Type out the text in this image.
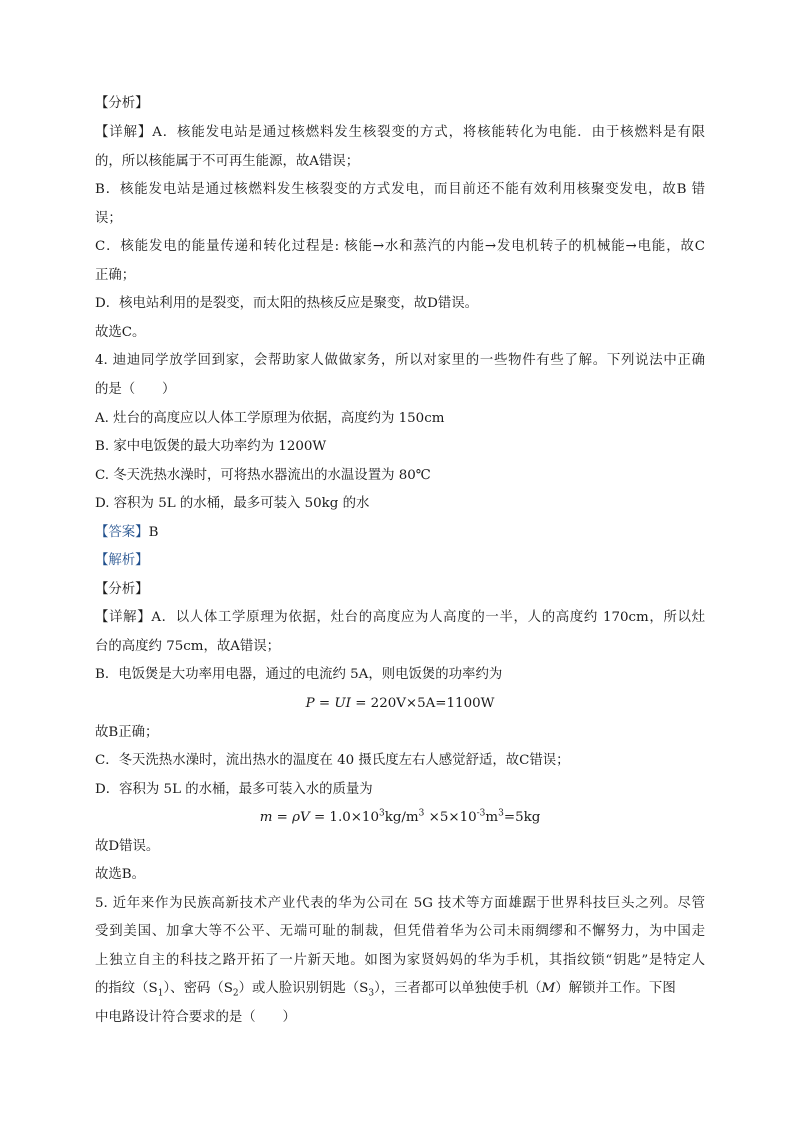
【分析】
【详解】A．核能发电站是通过核燃料发生核裂变的方式，将核能转化为电能．由于核燃料是有限
的，所以核能属于不可再生能源，故A错误；
B．核能发电站是通过核燃料发生核裂变的方式发电，而目前还不能有效利用核聚变发电，故B 错
误；
C．核能发电的能量传递和转化过程是: 核能→水和蒸汽的内能→发电机转子的机械能→电能，故C
正确；
D．核电站利用的是裂变，而太阳的热核反应是聚变，故D错误。
故选C。
4. 迪迪同学放学回到家，会帮助家人做做家务，所以对家里的一些物件有些了解。下列说法中正确
的是（　　）
A. 灶台的高度应以人体工学原理为依据，高度约为 150cm
B. 家中电饭煲的最大功率约为 1200W
C. 冬天洗热水澡时，可将热水器流出的水温设置为 80℃
D. 容积为 5L 的水桶，最多可装入 50kg 的水
【答案】B
【解析】
【分析】
【详解】A．以人体工学原理为依据，灶台的高度应为人高度的一半，人的高度约 170cm，所以灶
台的高度约 75cm，故A错误；
B．电饭煲是大功率用电器，通过的电流约 5A，则电饭煲的功率约为
P = UI = 220V×5A=1100W
故B正确；
C．冬天洗热水澡时，流出热水的温度在 40 摄氏度左右人感觉舒适，故C错误；
D．容积为 5L 的水桶，最多可装入水的质量为
$m = \rho V = 1.0\times 10^3kg/m^3 \times 5\times 10^{-3}m^3=5kg$
故D错误。
故选B。
5. 近年来作为民族高新技术产业代表的华为公司在 5G 技术等方面雄踞于世界科技巨头之列。尽管
受到美国、加拿大等不公平、无端可耻的制裁，但凭借着华为公司未雨绸缪和不懈努力，为中国走
上独立自主的科技之路开拓了一片新天地。如图为家贤妈妈的华为手机，其指纹锁“钥匙”是特定人
的指纹$(S_1)$、密码$(S_2)$或人脸识别钥匙$(S_3)$，三者都可以单独使手机（M）解锁并工作。下图
中电路设计符合要求的是（　　）
